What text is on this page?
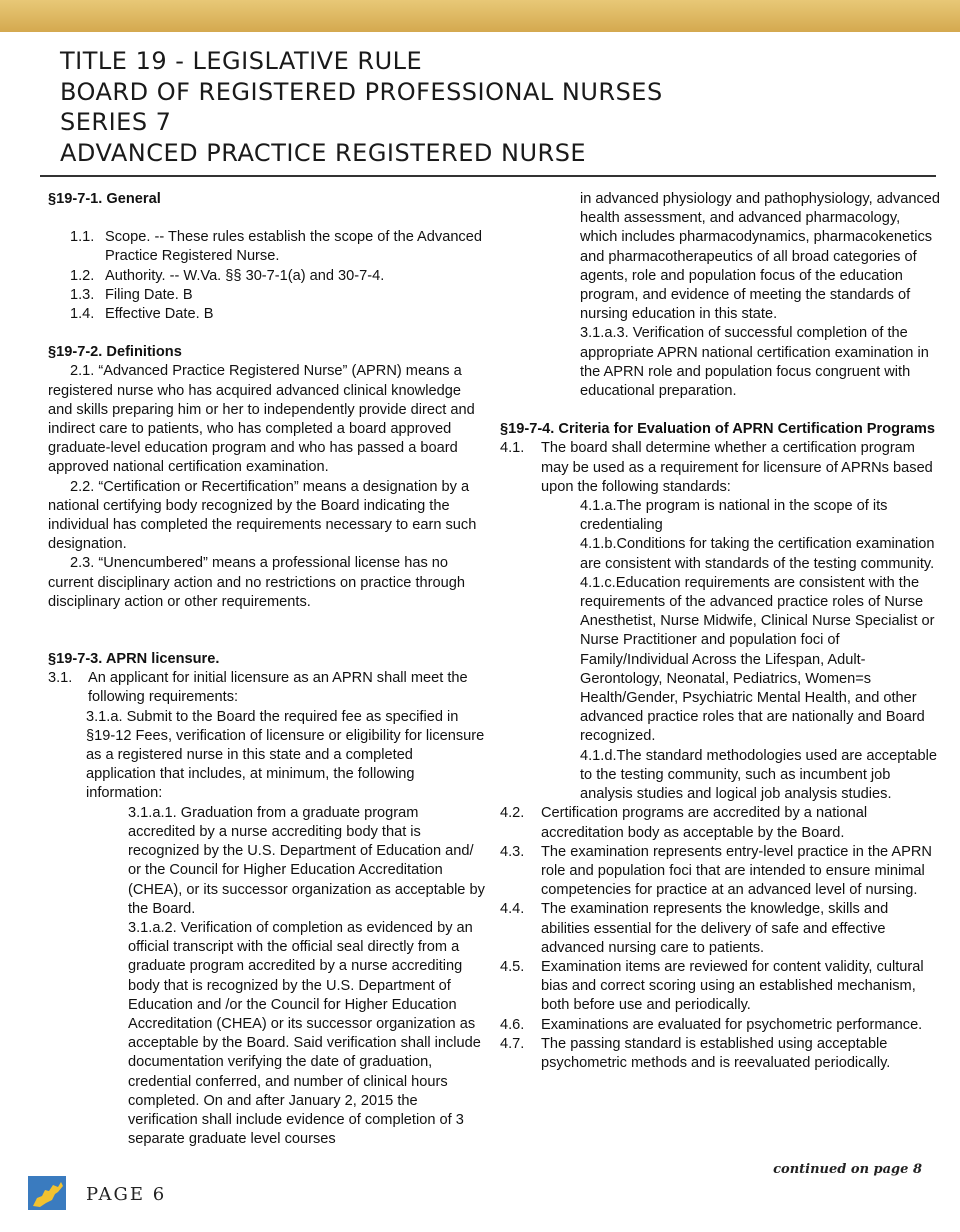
TITLE 19 - LEGISLATIVE RULE
BOARD OF REGISTERED PROFESSIONAL NURSES
SERIES 7
ADVANCED PRACTICE REGISTERED NURSE

§19-7-1. General

1.1. Scope. -- These rules establish the scope of the Advanced Practice Registered Nurse.
1.2. Authority. -- W.Va. §§ 30-7-1(a) and 30-7-4.
1.3. Filing Date. B
1.4. Effective Date. B

§19-7-2. Definitions

2.1. “Advanced Practice Registered Nurse” (APRN) means a registered nurse who has acquired advanced clinical knowledge and skills preparing him or her to independently provide direct and indirect care to patients, who has completed a board approved graduate-level education program and who has passed a board approved national certification examination.

2.2. “Certification or Recertification” means a designation by a national certifying body recognized by the Board indicating the individual has completed the requirements necessary to earn such designation.

2.3. “Unencumbered” means a professional license has no current disciplinary action and no restrictions on practice through disciplinary action or other requirements.

§19-7-3. APRN licensure.

3.1.	An applicant for initial licensure as an APRN shall meet the following requirements:

3.1.a. Submit to the Board the required fee as specified in §19-12 Fees, verification of licensure or eligibility for licensure as a registered nurse in this state and a completed application that includes, at minimum, the following information:

3.1.a.1. Graduation from a graduate program accredited by a nurse accrediting body that is recognized by the U.S. Department of Education and/ or the Council for Higher Education Accreditation (CHEA), or its successor organization as acceptable by the Board.

3.1.a.2. Verification of completion as evidenced by an official transcript with the official seal directly from a graduate program accredited by a nurse accrediting body that is recognized by the U.S. Department of Education and /or the Council for Higher Education Accreditation (CHEA) or its successor organization as acceptable by the Board. Said verification shall include documentation verifying the date of graduation, credential conferred, and number of clinical hours completed. On and after January 2, 2015 the verification shall include evidence of completion of 3 separate graduate level courses

in advanced physiology and pathophysiology, advanced health assessment, and advanced pharmacology, which includes pharmacodynamics, pharmacokenetics and pharmacotherapeutics of all broad categories of agents, role and population focus of the education program, and evidence of meeting the standards of nursing education in this state.

3.1.a.3. Verification of successful completion of the appropriate APRN national certification examination in the APRN role and population focus congruent with educational preparation.

§19-7-4. Criteria for Evaluation of APRN Certification Programs
4.1.	The board shall determine whether a certification program may be used as a requirement for licensure of APRNs based upon the following standards:

4.1.a.The program is national in the scope of its credentialing

4.1.b.Conditions for taking the certification examination are consistent with standards of the testing community.

4.1.c.Education requirements are consistent with the requirements of the advanced practice roles of Nurse Anesthetist, Nurse Midwife, Clinical Nurse Specialist or Nurse Practitioner and population foci of Family/Individual Across the Lifespan, Adult-Gerontology, Neonatal, Pediatrics, Women=s Health/Gender, Psychiatric Mental Health, and other advanced practice roles that are nationally and Board recognized.

4.1.d.The standard methodologies used are acceptable to the testing community, such as incumbent job analysis studies and logical job analysis studies.

4.2.	Certification programs are accredited by a national accreditation body as acceptable by the Board.
4.3.	The examination represents entry-level practice in the APRN role and population foci that are intended to ensure minimal competencies for practice at an advanced level of nursing.
4.4.	The examination represents the knowledge, skills and abilities essential for the delivery of safe and effective advanced nursing care to patients.
4.5.	Examination items are reviewed for content validity, cultural bias and correct scoring using an established mechanism, both before use and periodically.
4.6.	Examinations are evaluated for psychometric performance.
4.7.	The passing standard is established using acceptable psychometric methods and is reevaluated periodically.
continued on page 8
PAGE 6
